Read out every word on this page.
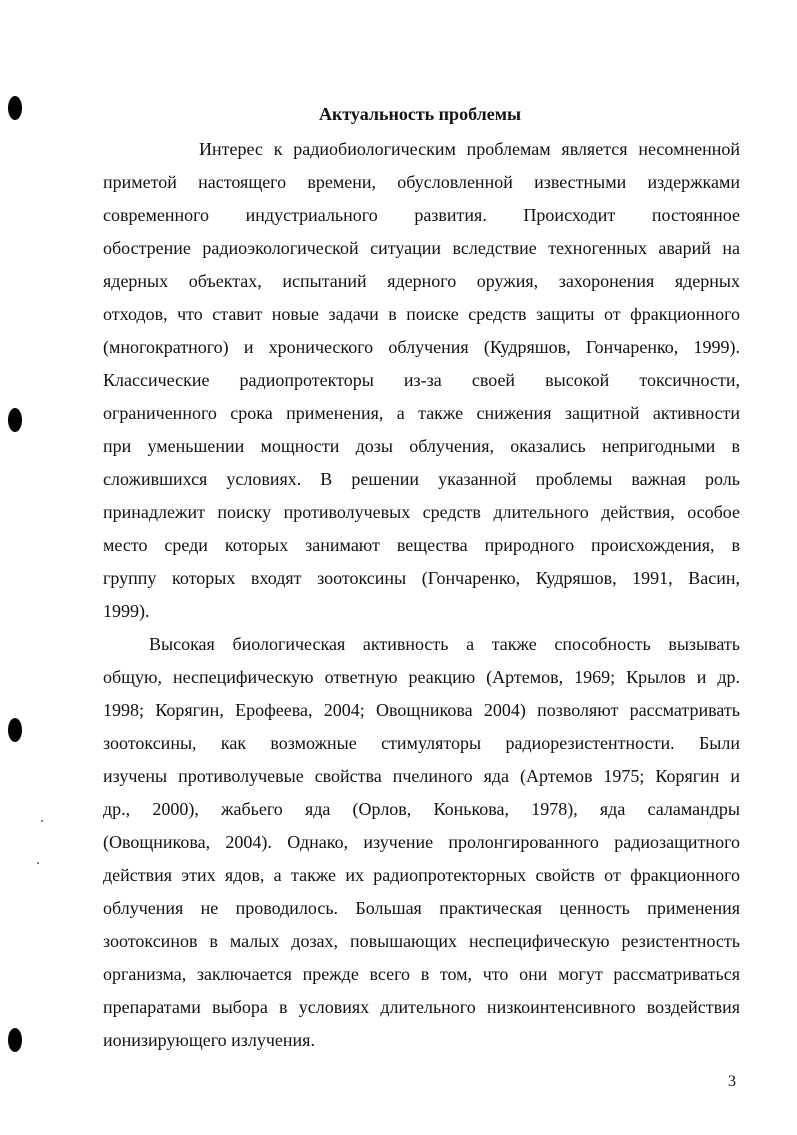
Актуальность проблемы
Интерес к радиобиологическим проблемам является несомненной
приметой настоящего времени, обусловленной известными издержками
современного индустриального развития. Происходит постоянное
обострение радиоэкологической ситуации вследствие техногенных аварий на
ядерных объектах, испытаний ядерного оружия, захоронения ядерных
отходов, что ставит новые задачи в поиске средств защиты от фракционного
(многократного) и хронического облучения (Кудряшов, Гончаренко, 1999).
Классические радиопротекторы из-за своей высокой токсичности,
ограниченного срока применения, а также снижения защитной активности
при уменьшении мощности дозы облучения, оказались непригодными в
сложившихся условиях. В решении указанной проблемы важная роль
принадлежит поиску противолучевых средств длительного действия, особое
место среди которых занимают вещества природного происхождения, в
группу которых входят зоотоксины (Гончаренко, Кудряшов, 1991, Васин,
1999).
Высокая биологическая активность а также способность вызывать
общую, неспецифическую ответную реакцию (Артемов, 1969; Крылов и др.
1998; Корягин, Ерофеева, 2004; Овощникова 2004) позволяют рассматривать
зоотоксины, как возможные стимуляторы радиорезистентности. Были
изучены противолучевые свойства пчелиного яда (Артемов 1975; Корягин и
др., 2000), жабьего яда (Орлов, Конькова, 1978), яда саламандры
(Овощникова, 2004). Однако, изучение пролонгированного радиозащитного
действия этих ядов, а также их радиопротекторных свойств от фракционного
облучения не проводилось. Большая практическая ценность применения
зоотоксинов в малых дозах, повышающих неспецифическую резистентность
организма, заключается прежде всего в том, что они могут рассматриваться
препаратами выбора в условиях длительного низкоинтенсивного воздействия
ионизирующего излучения.
3
